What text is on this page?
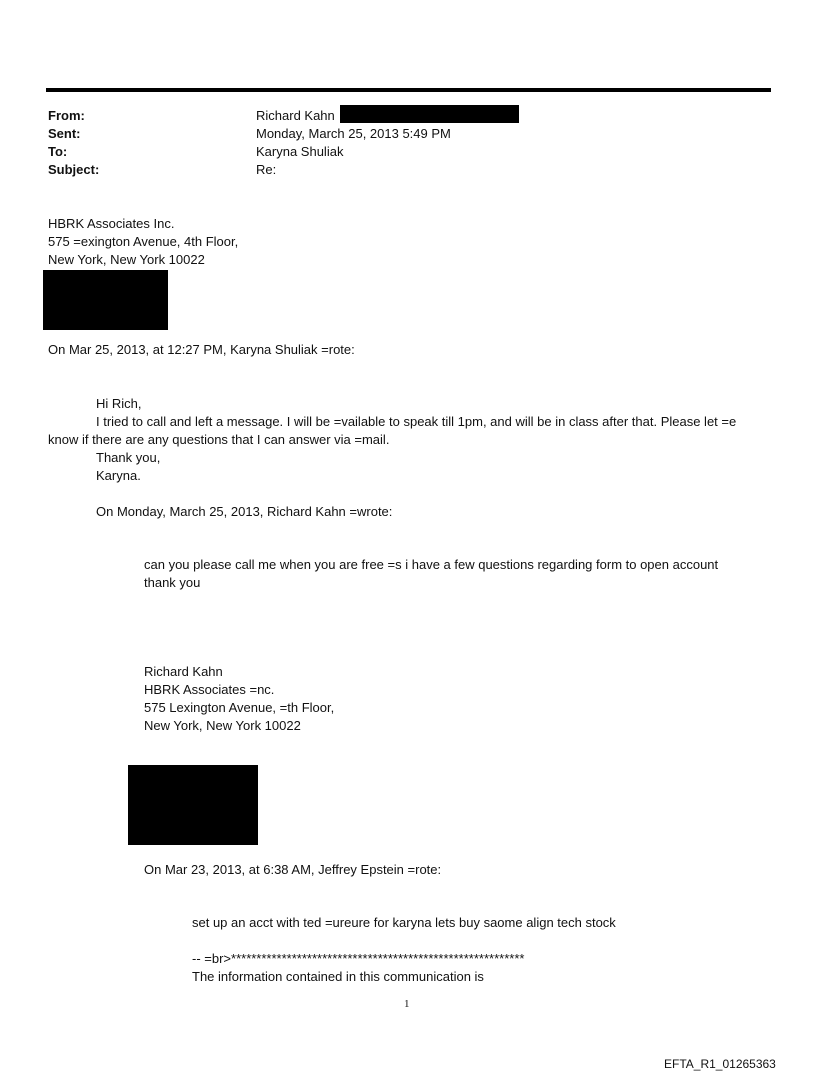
From:	Richard Kahn
Sent:	Monday, March 25, 2013 5:49 PM
To:	Karyna Shuliak
Subject:	Re:
HBRK Associates Inc.
575 =exington Avenue, 4th Floor,
New York, New York 10022
On Mar 25, 2013, at 12:27 PM, Karyna Shuliak =rote:
Hi Rich,
I tried to call and left a message. I will be =vailable to speak till 1pm, and will be in class after that. Please let =e
know if there are any questions that I can answer via =mail.
Thank you,
Karyna.
On Monday, March 25, 2013, Richard Kahn =wrote:
can you please call me when you are free =s i have a few questions regarding form to open account
thank you
Richard Kahn
HBRK Associates =nc.
575 Lexington Avenue, =th Floor,
New York, New York 10022
On Mar 23, 2013, at 6:38 AM, Jeffrey Epstein =rote:
set up an acct with ted =ureure for karyna lets buy saome align tech stock
-- =br>**********************************************************
The information contained in this communication is
1
EFTA_R1_01265363
